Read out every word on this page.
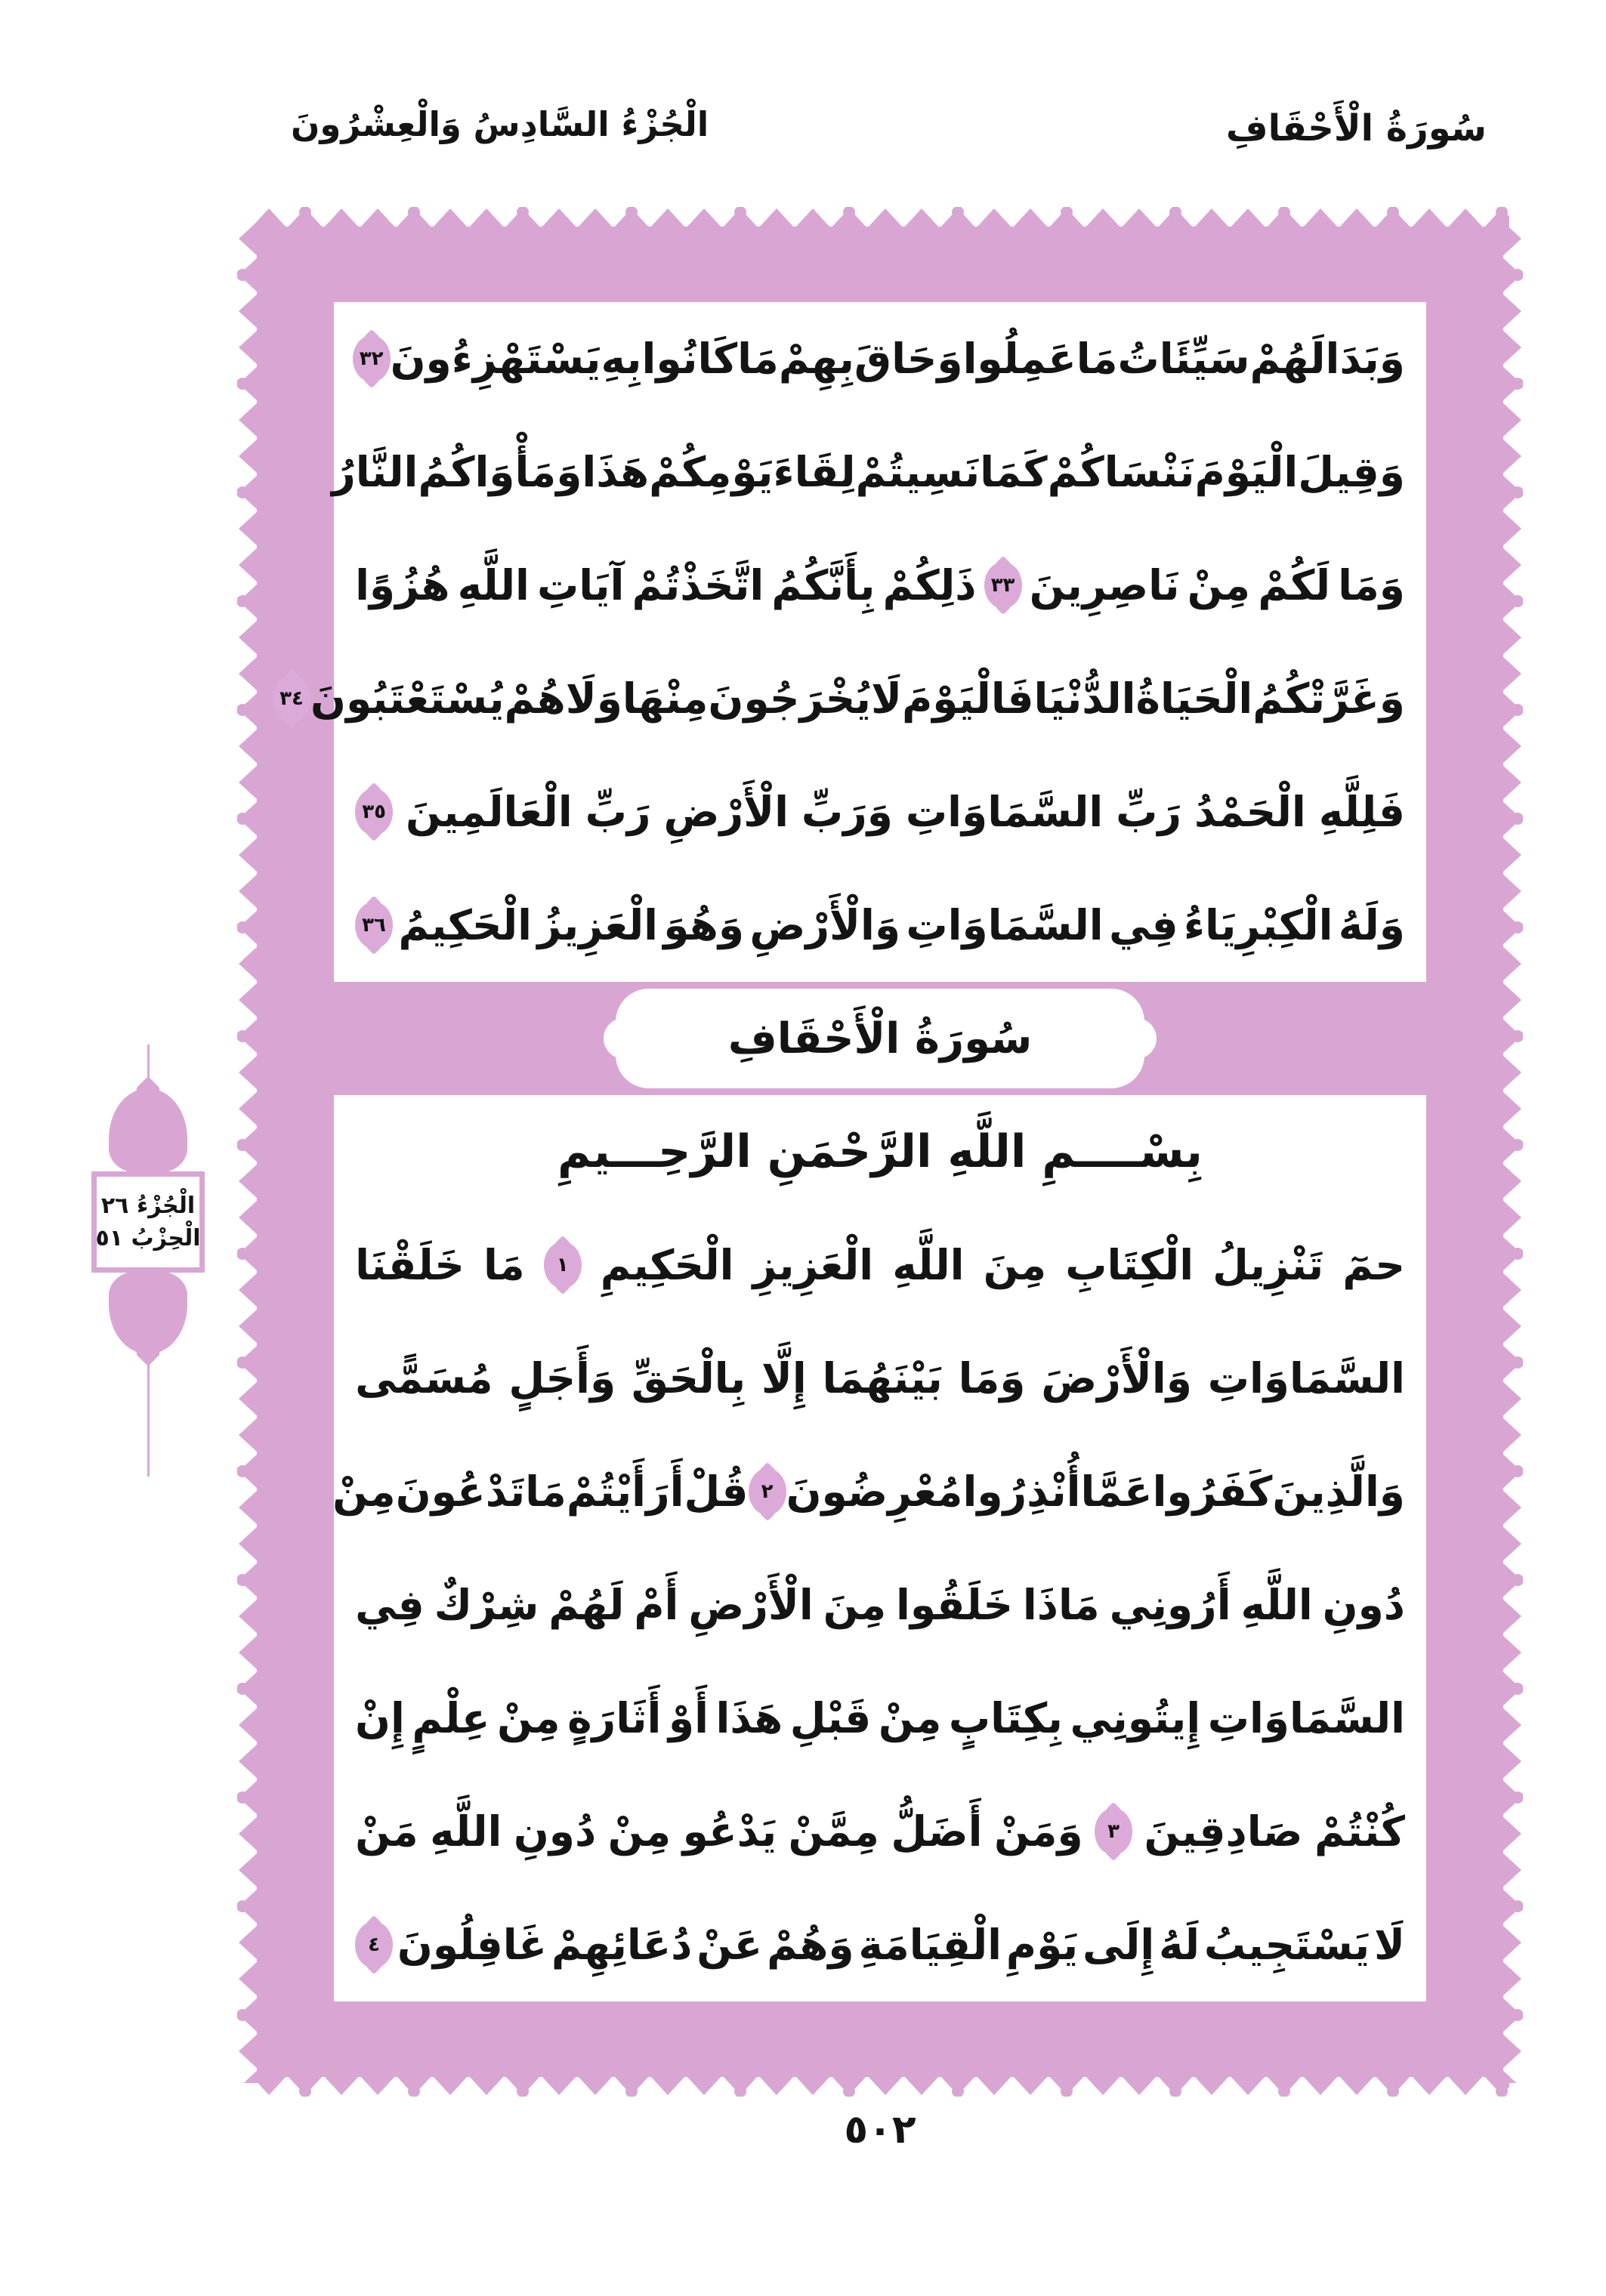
الْجُزْءُ السَّادِسُ وَالْعِشْرُونَ	سُورَةُ الْأَحْقَافِ
وَبَدَا
لَهُمْ
سَيِّئَاتُ
مَا
عَمِلُوا
وَحَاقَ
بِهِمْ
مَا
كَانُوا
بِهِ
يَسْتَهْزِءُونَ
٣٢
وَقِيلَ
الْيَوْمَ
نَنْسَاكُمْ
كَمَا
نَسِيتُمْ
لِقَاءَ
يَوْمِكُمْ
هَذَا
وَمَأْوَاكُمُ
النَّارُ
وَمَا
لَكُمْ
مِنْ
نَاصِرِينَ
٣٣
ذَلِكُمْ
بِأَنَّكُمُ
اتَّخَذْتُمْ
آيَاتِ
اللَّهِ
هُزُوًا
وَغَرَّتْكُمُ
الْحَيَاةُ
الدُّنْيَا
فَالْيَوْمَ
لَا
يُخْرَجُونَ
مِنْهَا
وَلَا
هُمْ
يُسْتَعْتَبُونَ
٣٤
فَلِلَّهِ
الْحَمْدُ
رَبِّ
السَّمَاوَاتِ
وَرَبِّ
الْأَرْضِ
رَبِّ
الْعَالَمِينَ
٣٥
وَلَهُ
الْكِبْرِيَاءُ
فِي
السَّمَاوَاتِ
وَالْأَرْضِ
وَهُوَ
الْعَزِيزُ
الْحَكِيمُ
٣٦
سُورَةُ الْأَحْقَافِ
بِسْــــمِ اللَّهِ الرَّحْمَنِ الرَّحِـــيمِ
حمٓ
تَنْزِيلُ
الْكِتَابِ
مِنَ
اللَّهِ
الْعَزِيزِ
الْحَكِيمِ
١
مَا
خَلَقْنَا
السَّمَاوَاتِ
وَالْأَرْضَ
وَمَا
بَيْنَهُمَا
إِلَّا
بِالْحَقِّ
وَأَجَلٍ
مُسَمًّى
وَالَّذِينَ
كَفَرُوا
عَمَّا
أُنْذِرُوا
مُعْرِضُونَ
٢
قُلْ
أَرَأَيْتُمْ
مَا
تَدْعُونَ
مِنْ
دُونِ
اللَّهِ
أَرُونِي
مَاذَا
خَلَقُوا
مِنَ
الْأَرْضِ
أَمْ
لَهُمْ
شِرْكٌ
فِي
السَّمَاوَاتِ
إِيتُونِي
بِكِتَابٍ
مِنْ
قَبْلِ
هَذَا
أَوْ
أَثَارَةٍ
مِنْ
عِلْمٍ
إِنْ
كُنْتُمْ
صَادِقِينَ
٣
وَمَنْ
أَضَلُّ
مِمَّنْ
يَدْعُو
مِنْ
دُونِ
اللَّهِ
مَنْ
لَا
يَسْتَجِيبُ
لَهُ
إِلَى
يَوْمِ
الْقِيَامَةِ
وَهُمْ
عَنْ
دُعَائِهِمْ
غَافِلُونَ
٤
الْجُزْءُ ٢٦
الْحِزْبُ ٥١
٥٠٢
